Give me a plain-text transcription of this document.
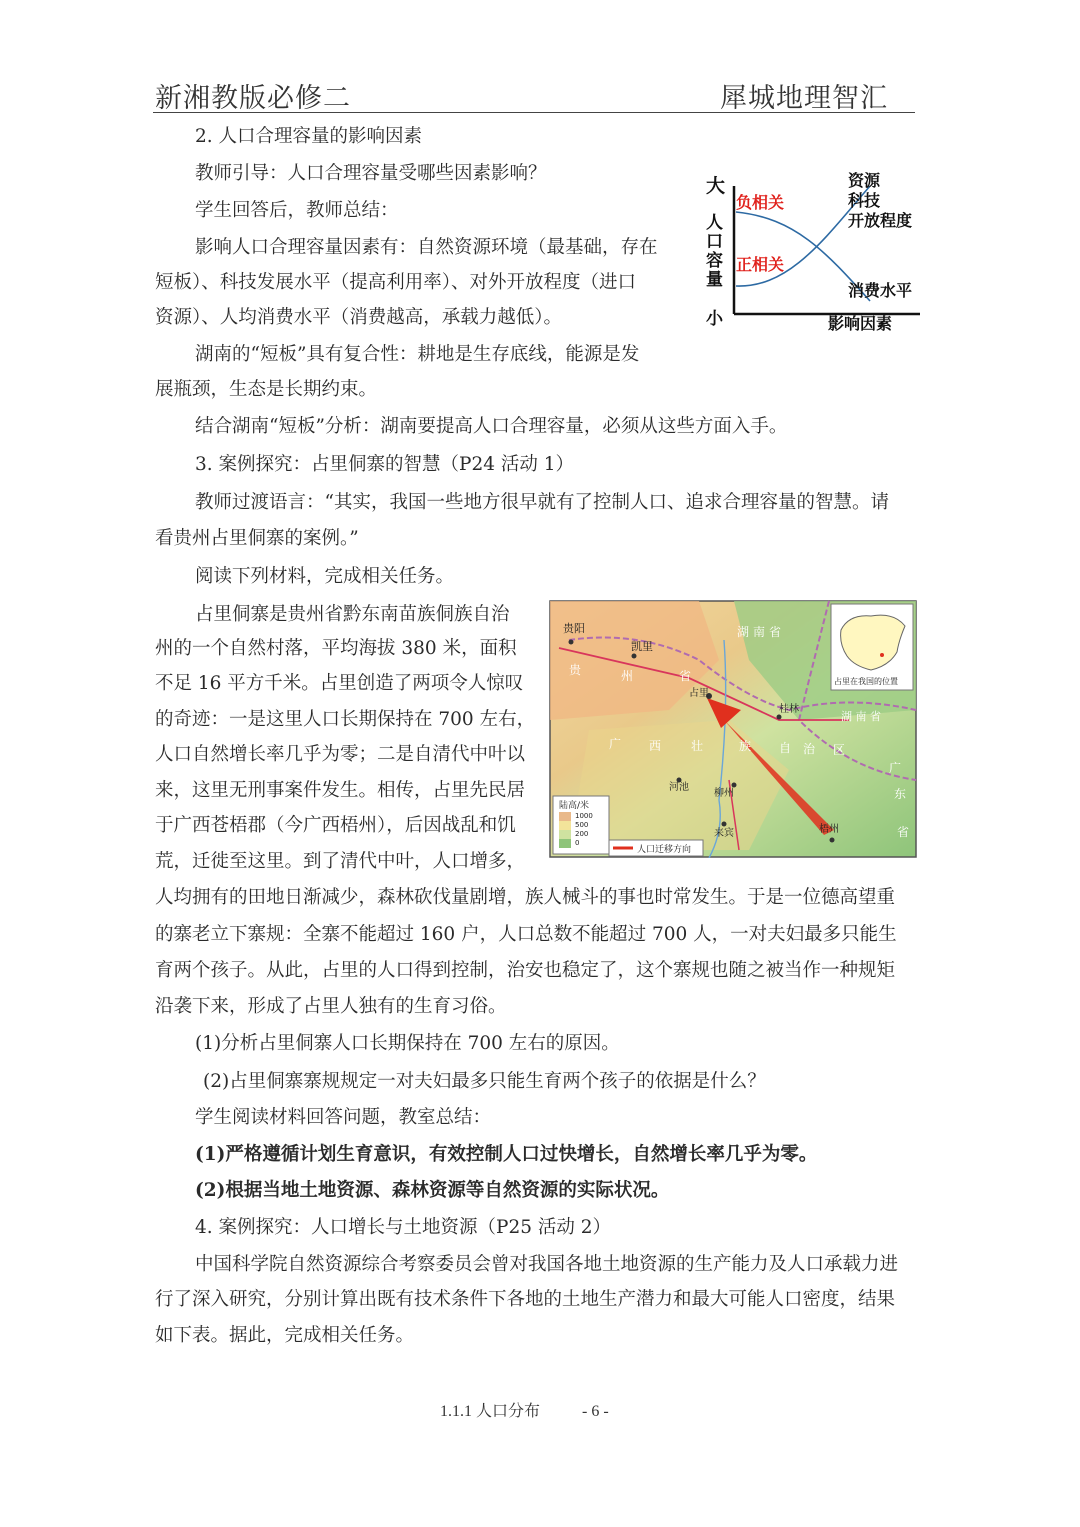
新湘教版必修二	犀城地理智汇
2. 人口合理容量的影响因素
教师引导：人口合理容量受哪些因素影响？
学生回答后，教师总结：
影响人口合理容量因素有：自然资源环境（最基础，存在
短板）、科技发展水平（提高利用率）、对外开放程度（进口
资源）、人均消费水平（消费越高，承载力越低）。
湖南的“短板”具有复合性：耕地是生存底线，能源是发
展瓶颈，生态是长期约束。
结合湖南“短板”分析：湖南要提高人口合理容量，必须从这些方面入手。
3. 案例探究：占里侗寨的智慧（P24 活动 1）
教师过渡语言：“其实，我国一些地方很早就有了控制人口、追求合理容量的智慧。请
看贵州占里侗寨的案例。”
阅读下列材料，完成相关任务。
占里侗寨是贵州省黔东南苗族侗族自治
州的一个自然村落，平均海拔 380 米，面积
不足 16 平方千米。占里创造了两项令人惊叹
的奇迹：一是这里人口长期保持在 700 左右，
人口自然增长率几乎为零；二是自清代中叶以
来，这里无刑事案件发生。相传，占里先民居
于广西苍梧郡（今广西梧州），后因战乱和饥
荒，迁徙至这里。到了清代中叶，人口增多，
人均拥有的田地日渐减少，森林砍伐量剧增，族人械斗的事也时常发生。于是一位德高望重
的寨老立下寨规：全寨不能超过 160 户，人口总数不能超过 700 人，一对夫妇最多只能生
育两个孩子。从此，占里的人口得到控制，治安也稳定了，这个寨规也随之被当作一种规矩
沿袭下来，形成了占里人独有的生育习俗。
(1)分析占里侗寨人口长期保持在 700 左右的原因。
(2)占里侗寨寨规规定一对夫妇最多只能生育两个孩子的依据是什么？
学生阅读材料回答问题，教室总结：
(1)严格遵循计划生育意识，有效控制人口过快增长，自然增长率几乎为零。
(2)根据当地土地资源、森林资源等自然资源的实际状况。
4. 案例探究：人口增长与土地资源（P25 活动 2）
中国科学院自然资源综合考察委员会曾对我国各地土地资源的生产能力及人口承载力进
行了深入研究，分别计算出既有技术条件下各地的土地生产潜力和最大可能人口密度，结果
如下表。据此，完成相关任务。
大
小
人 口 容 量
影响因素
负相关
正相关
资源
科技
开放程度
消费水平
贵阳
凯里
湖南省
贵	州	省
占里
桂林
湖 南 省
广 西 壮	族 自 治 区
河池
柳州
来宾	梧州
广
东
省
占里在我国的位置
陆高/米
1000
500
200
0
人口迁移方向
1.1.1 人口分布	- 6 -
